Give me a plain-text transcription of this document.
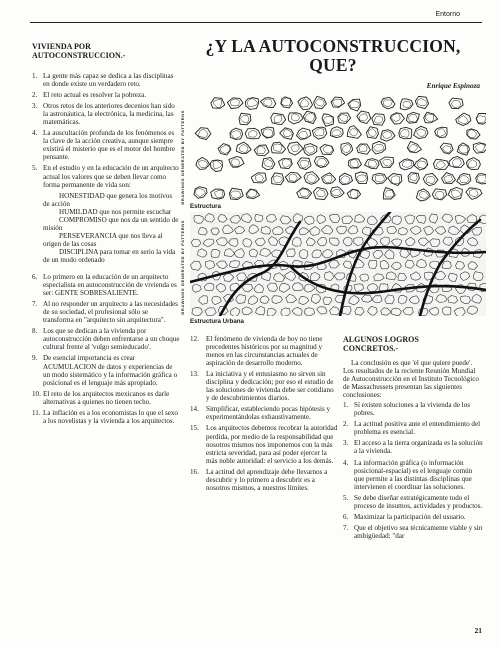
Entorno
¿Y LA AUTOCONSTRUCCION,
QUE?
Enrique Espinoza

VIVIENDA POR

AUTOCONSTRUCCION.-

1. La gente más capaz se dedica a las disciplinas en donde existe un verdadero reto.
2. El reto actual es resolver la pobreza.
3. Otros retos de los anteriores decenios han sido la astronáutica, la electrónica, la medicina, las matemáticas.
4. La auscultación profunda de los fenómenos es la clave de la acción creativa, aunque siempre existirá el misterio que es el motor del hombre pensante.
5. En el estudio y en la educación de un arquitecto actual los valores que se deben llevar como forma permanente de vida son:

HONESTIDAD que genera los motivos de acción

HUMILDAD que nos permite escuchar

COMPROMISO que nos da un sentido de misión

PERSEVERANCIA que nos lleva al origen de las cosas

DISCIPLINA para tomar en serio la vida de un modo ordenado

6. Lo primero en la educación de un arquitecto especialista en autoconstrucción de vivienda es ser: GENTE SOBRESALIENTE.
7. Al no responder un arquitecto a las necesidades de su sociedad, el profesional sólo se transforma en "arquitecto sin arquitectura".
8. Los que se dedican a la vivienda por autoconstrucción deben enfrentarse a un choque cultural frente al 'vulgo semieducado'.
9. De esencial importancia es crear ACUMULACION de datos y experiencias de un modo sistemático y la información gráfica o posicional es el lenguaje más apropiado.
10. El reto de los arquitectos mexicanos es darle alternativas a quienes no tienen techo.
11. La inflación es a los economistas lo que el sexo a los novelistas y la vivienda a los arquitectos.
DRAWINGS GENERATED BY PATTERNS
DRAWINGS GENERATED BY PATTERNS
Estructura
Estructura Urbana
12.	El fenómeno de vivienda de hoy no tiene precedentes históricos por su magnitud y menos en las circunstancias actuales de aspiración de desarrollo moderno.
13.	La iniciativa y el entusiasmo no sirven sin disciplina y dedicación; por eso el estudio de las soluciones de vivienda debe ser cotidiano y de descubrimientos diarios.
14.	Simplificar, estableciendo pocas hipótesis y experimentándolas exhaustivamente.
15.	Los arquitectos debemos recobrar la autoridad perdida, por medio de la responsabilidad que nosotros mismos nos imponemos con la más estricta severidad, para así poder ejercer la más noble autoridad: el servicio a los demás.
16.	La actitud del aprendizaje debe llevarnos a descubrir y lo primero a descubrir es a nosotros mismos, a nuestros límites.

ALGUNOS LOGROS

CONCRETOS.-

La conclusión es que 'el que quiere puede'.

Los resultados de la reciente Reunión Mundial de Autoconstrucción en el Instituto Tecnológico de Massachussets presentan las siguientes conclusiones:

1. Sí existen soluciones a la vivienda de los pobres.
2. La actitud positiva ante el entendimiento del problema es esencial.
3. El acceso a la tierra organizada es la solución a la vivienda.
4. La información gráfica (o información posicional-espacial) es el lenguaje común que permite a las distintas disciplinas que intervienen el coordinar las soluciones.
5. Se debe diseñar estratégicamente todo el proceso de insumos, actividades y productos.
6. Maximizar la participación del usuario.
7. Que el objetivo sea técnicamente viable y sin ambigüedad: "dar
21
